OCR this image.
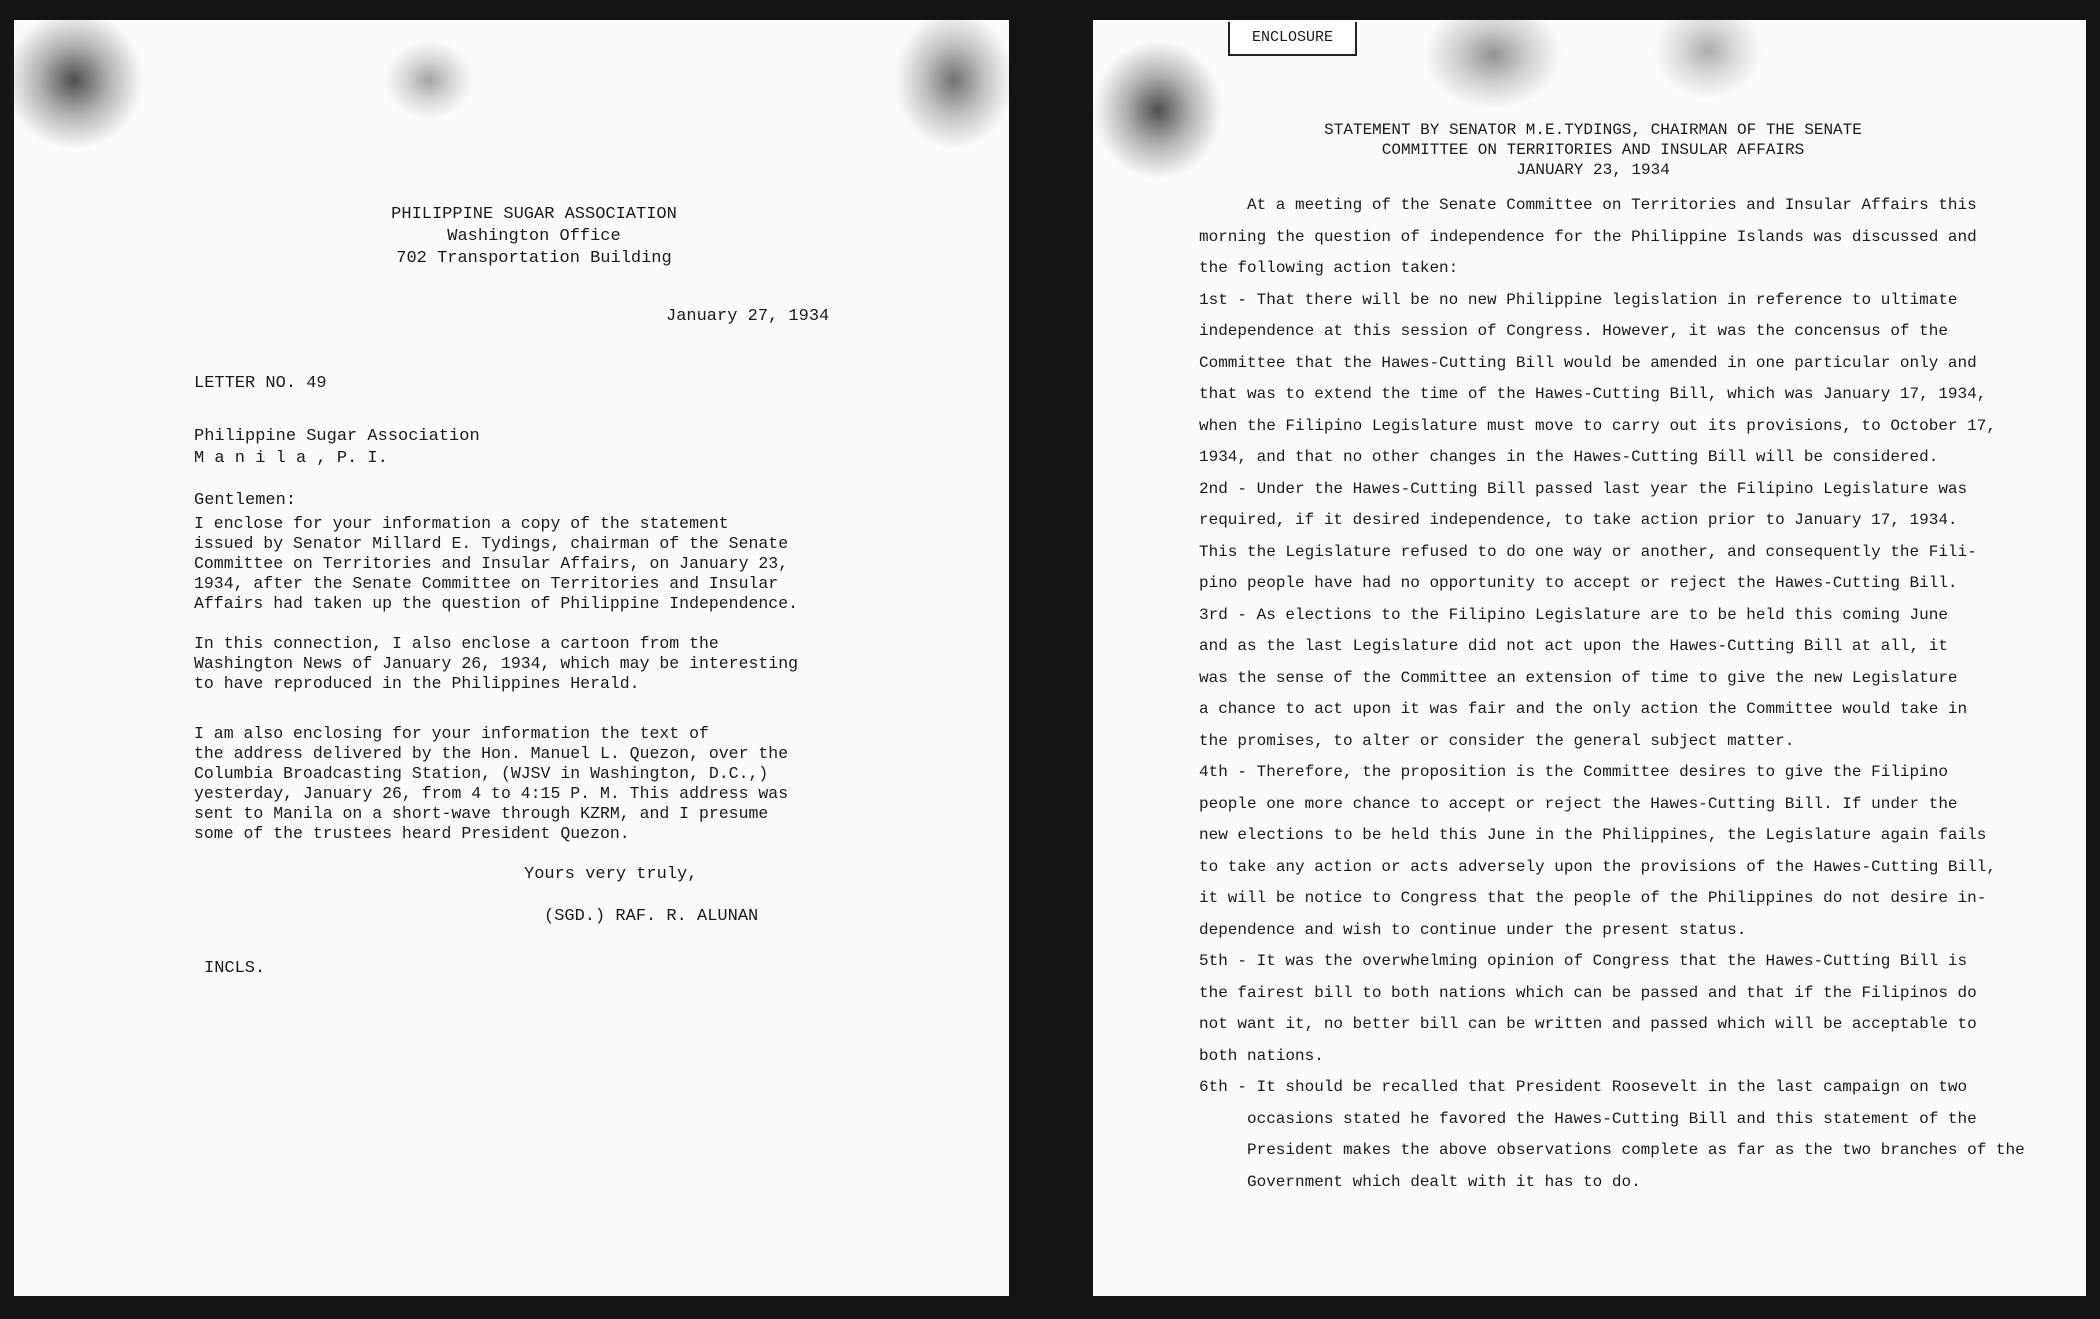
PHILIPPINE SUGAR ASSOCIATION
Washington Office
702 Transportation Building
January 27, 1934
LETTER NO. 49
Philippine Sugar Association
M a n i l a , P. I.
Gentlemen:
I enclose for your information a copy of the statement
issued by Senator Millard E. Tydings, chairman of the Senate
Committee on Territories and Insular Affairs, on January 23,
1934, after the Senate Committee on Territories and Insular
Affairs had taken up the question of Philippine Independence.
In this connection, I also enclose a cartoon from the
Washington News of January 26, 1934, which may be interesting
to have reproduced in the Philippines Herald.
I am also enclosing for your information the text of
the address delivered by the Hon. Manuel L. Quezon, over the
Columbia Broadcasting Station, (WJSV in Washington, D.C.,)
yesterday, January 26, from 4 to 4:15 P. M. This address was
sent to Manila on a short-wave through KZRM, and I presume
some of the trustees heard President Quezon.
Yours very truly,
(SGD.) RAF. R. ALUNAN
INCLS.
ENCLOSURE
STATEMENT BY SENATOR M.E.TYDINGS, CHAIRMAN OF THE SENATE
COMMITTEE ON TERRITORIES AND INSULAR AFFAIRS
JANUARY 23, 1934
At a meeting of the Senate Committee on Territories and Insular Affairs this
morning the question of independence for the Philippine Islands was discussed and
the following action taken:
1st - That there will be no new Philippine legislation in reference to ultimate
independence at this session of Congress. However, it was the concensus of the
Committee that the Hawes-Cutting Bill would be amended in one particular only and
that was to extend the time of the Hawes-Cutting Bill, which was January 17, 1934,
when the Filipino Legislature must move to carry out its provisions, to October 17,
1934, and that no other changes in the Hawes-Cutting Bill will be considered.
2nd - Under the Hawes-Cutting Bill passed last year the Filipino Legislature was
required, if it desired independence, to take action prior to January 17, 1934.
This the Legislature refused to do one way or another, and consequently the Fili-
pino people have had no opportunity to accept or reject the Hawes-Cutting Bill.
3rd - As elections to the Filipino Legislature are to be held this coming June
and as the last Legislature did not act upon the Hawes-Cutting Bill at all, it
was the sense of the Committee an extension of time to give the new Legislature
a chance to act upon it was fair and the only action the Committee would take in
the promises, to alter or consider the general subject matter.
4th - Therefore, the proposition is the Committee desires to give the Filipino
people one more chance to accept or reject the Hawes-Cutting Bill. If under the
new elections to be held this June in the Philippines, the Legislature again fails
to take any action or acts adversely upon the provisions of the Hawes-Cutting Bill,
it will be notice to Congress that the people of the Philippines do not desire in-
dependence and wish to continue under the present status.
5th - It was the overwhelming opinion of Congress that the Hawes-Cutting Bill is
the fairest bill to both nations which can be passed and that if the Filipinos do
not want it, no better bill can be written and passed which will be acceptable to
both nations.
6th - It should be recalled that President Roosevelt in the last campaign on two
occasions stated he favored the Hawes-Cutting Bill and this statement of the
President makes the above observations complete as far as the two branches of the
Government which dealt with it has to do.
